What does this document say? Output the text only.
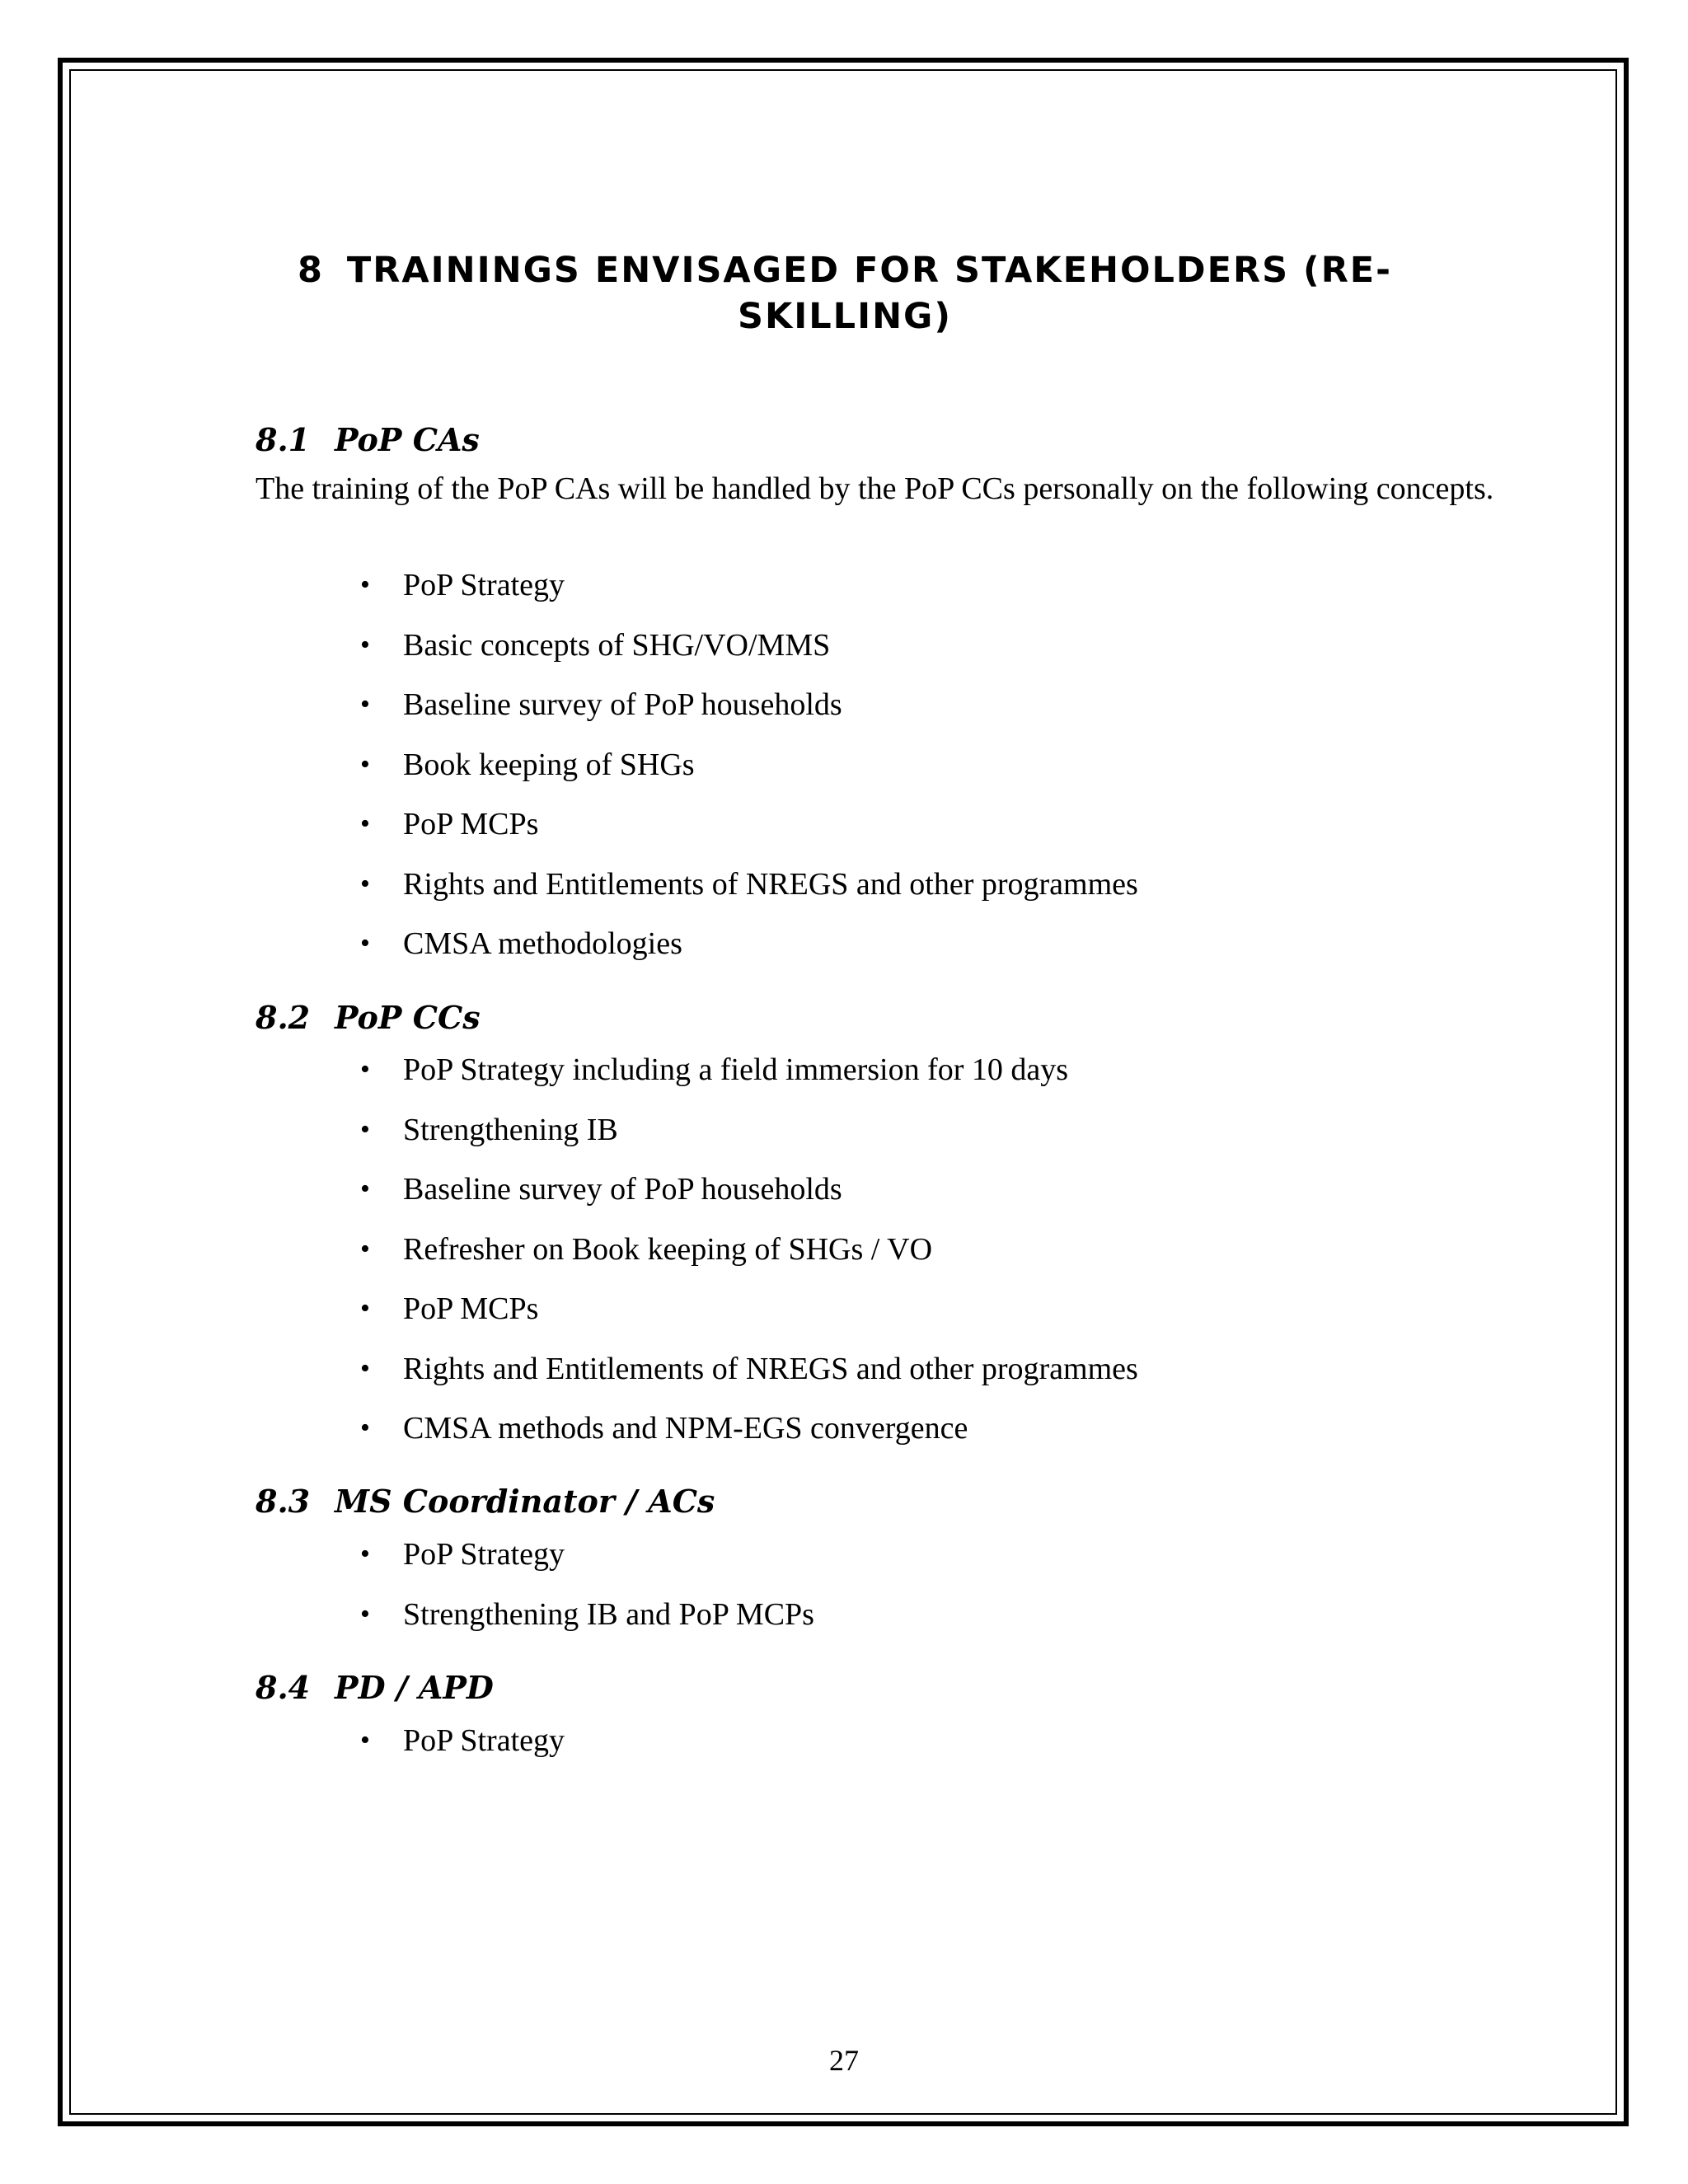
8 TRAININGS ENVISAGED FOR STAKEHOLDERS (RE-SKILLING)
8.1 PoP CAs

The training of the PoP CAs will be handled by the PoP CCs personally on the following concepts.

• PoP Strategy
• Basic concepts of SHG/VO/MMS
• Baseline survey of PoP households
• Book keeping of SHGs
• PoP MCPs
• Rights and Entitlements of NREGS and other programmes
• CMSA methodologies
8.2 PoP CCs
• PoP Strategy including a field immersion for 10 days
• Strengthening IB
• Baseline survey of PoP households
• Refresher on Book keeping of SHGs / VO
• PoP MCPs
• Rights and Entitlements of NREGS and other programmes
• CMSA methods and NPM-EGS convergence
8.3 MS Coordinator / ACs
• PoP Strategy
• Strengthening IB and PoP MCPs
8.4 PD / APD
• PoP Strategy
27
